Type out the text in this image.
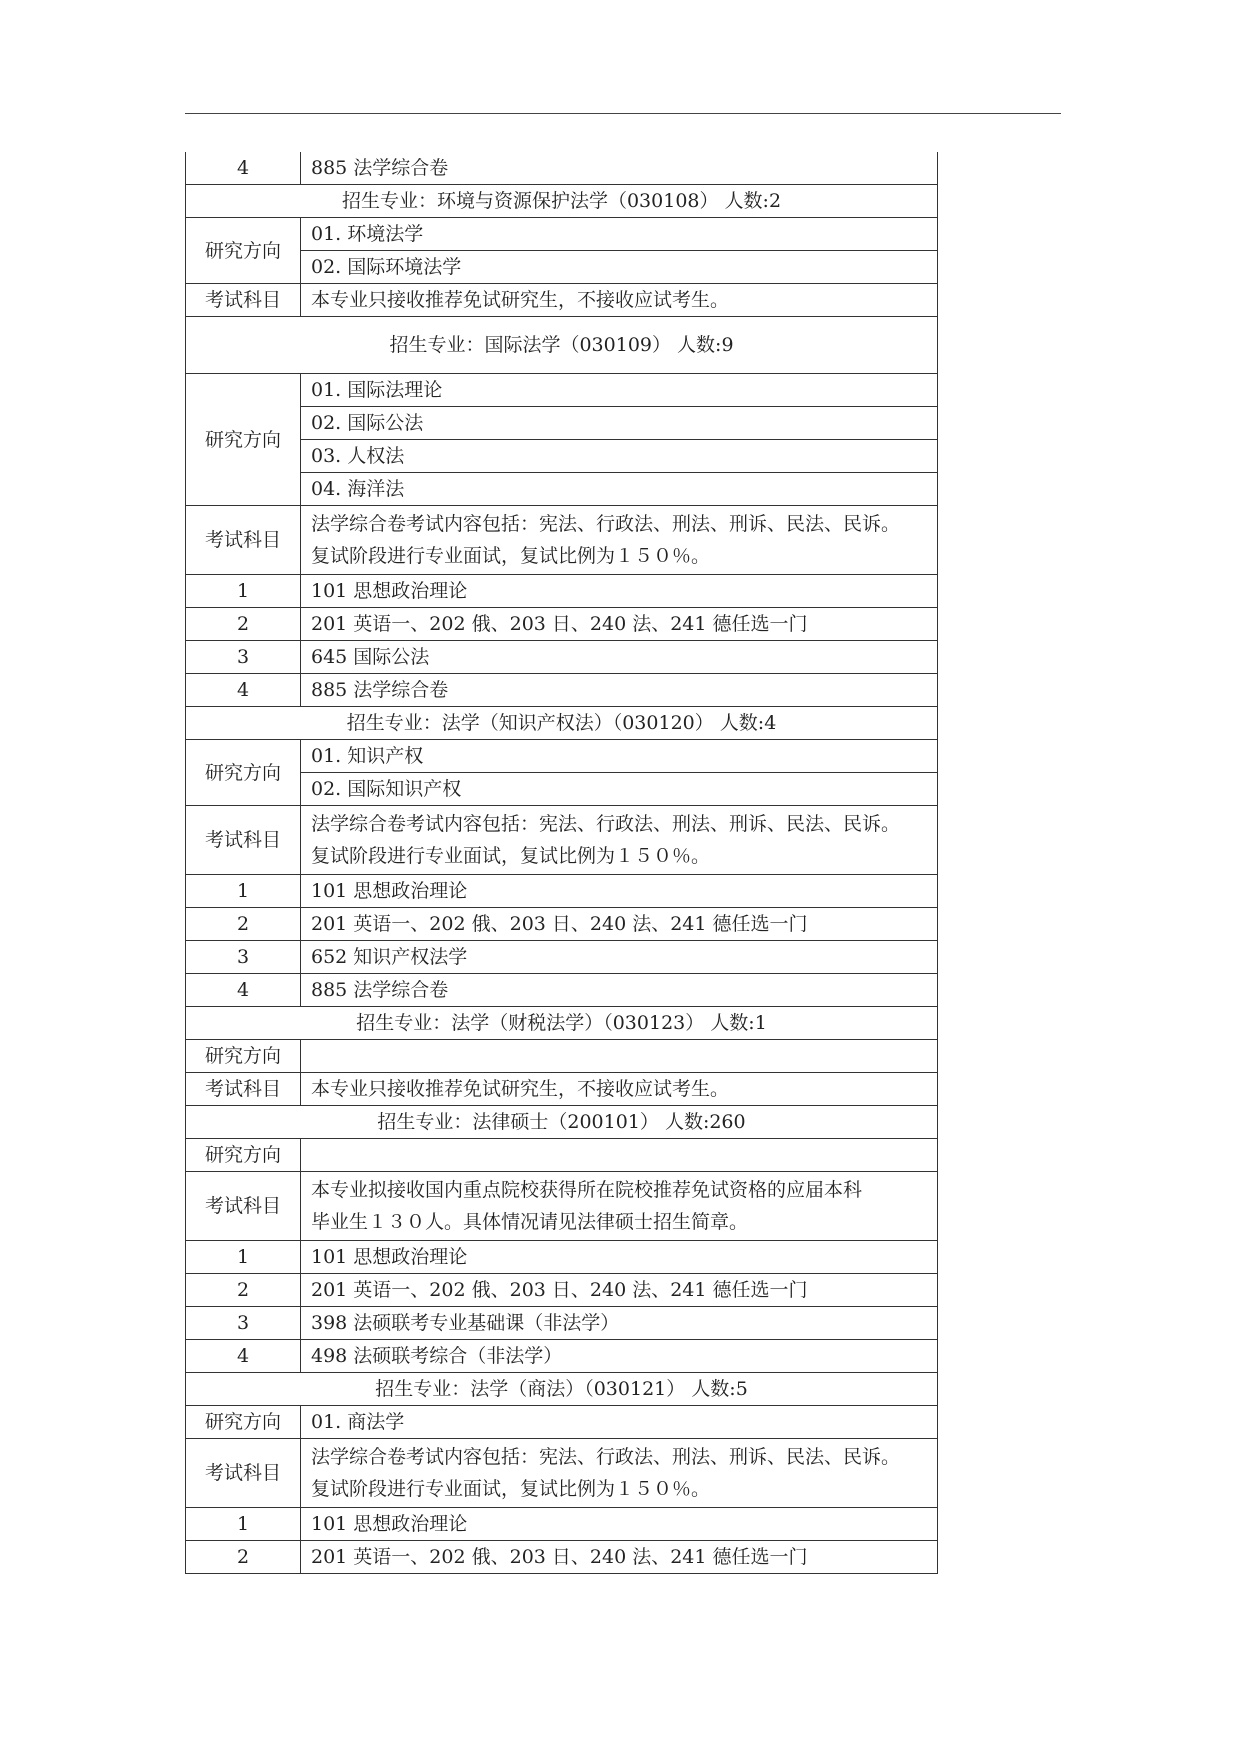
4	885 法学综合卷
招生专业：环境与资源保护法学（030108） 人数:2	
研究方向	01. 环境法学
	02. 国际环境法学
考试科目	本专业只接收推荐免试研究生，不接收应试考生。
招生专业：国际法学（030109） 人数:9	
研究方向	01. 国际法理论
	02. 国际公法
	03. 人权法
	04. 海洋法
考试科目	法学综合卷考试内容包括：宪法、行政法、刑法、刑诉、民法、民诉。
复试阶段进行专业面试，复试比例为１５０％。

1	101 思想政治理论
2	201 英语一、202 俄、203 日、240 法、241 德任选一门
3	645 国际公法
4	885 法学综合卷
招生专业：法学（知识产权法）（030120） 人数:4	
研究方向	01. 知识产权
	02. 国际知识产权
考试科目	法学综合卷考试内容包括：宪法、行政法、刑法、刑诉、民法、民诉。
复试阶段进行专业面试，复试比例为１５０％。

1	101 思想政治理论
2	201 英语一、202 俄、203 日、240 法、241 德任选一门
3	652 知识产权法学
4	885 法学综合卷
招生专业：法学（财税法学）（030123） 人数:1	
研究方向	
考试科目	本专业只接收推荐免试研究生，不接收应试考生。
招生专业：法律硕士（200101） 人数:260	
研究方向	
考试科目	本专业拟接收国内重点院校获得所在院校推荐免试资格的应届本科
毕业生１３０人。具体情况请见法律硕士招生简章。

1	101 思想政治理论
2	201 英语一、202 俄、203 日、240 法、241 德任选一门
3	398 法硕联考专业基础课（非法学）
4	498 法硕联考综合（非法学）
招生专业：法学（商法）（030121） 人数:5	
研究方向	01. 商法学
考试科目	法学综合卷考试内容包括：宪法、行政法、刑法、刑诉、民法、民诉。
复试阶段进行专业面试，复试比例为１５０％。

1	101 思想政治理论
2	201 英语一、202 俄、203 日、240 法、241 德任选一门
